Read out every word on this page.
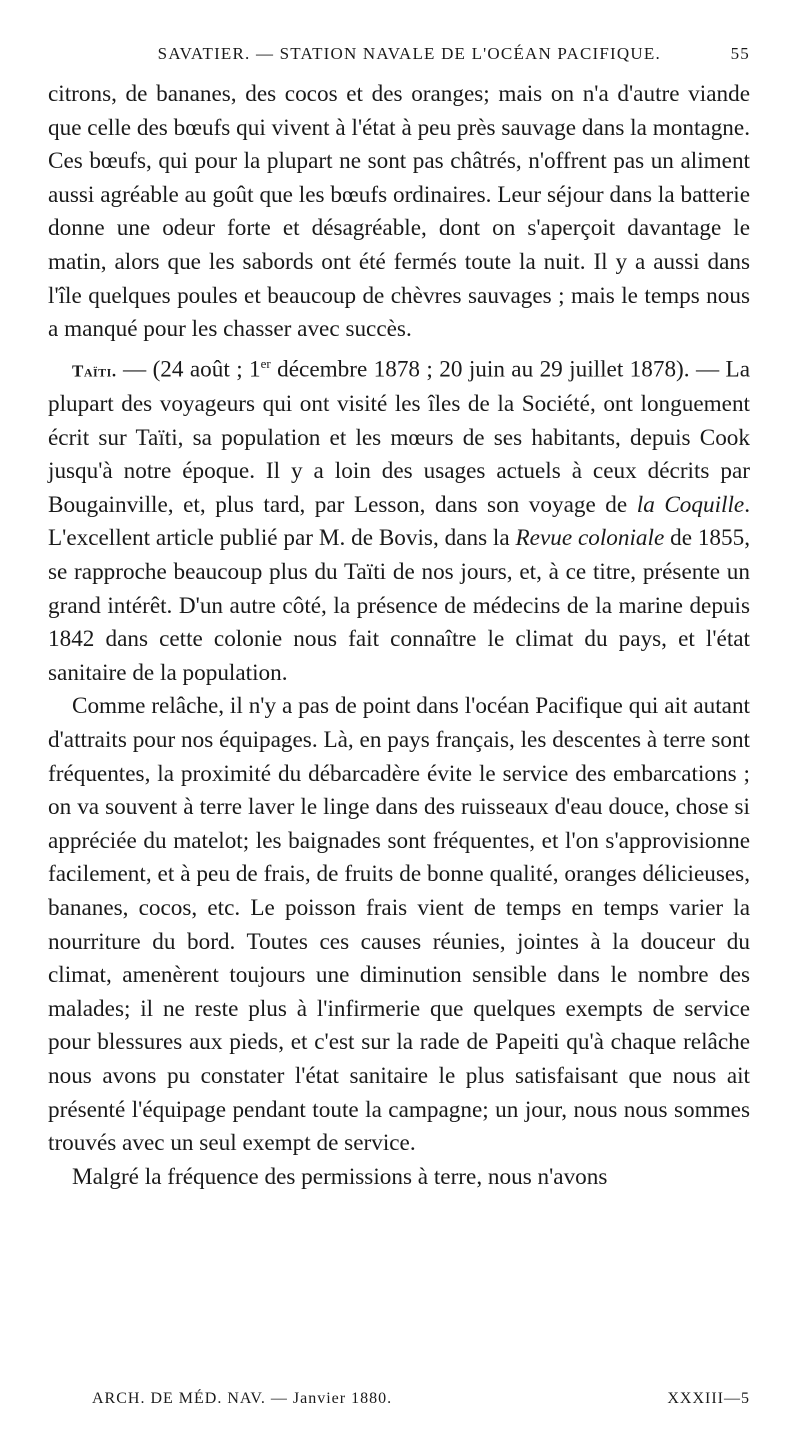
SAVATIER. — STATION NAVALE DE L'OCÉAN PACIFIQUE.	55

citrons, de bananes, des cocos et des oranges; mais on n'a d'autre viande que celle des bœufs qui vivent à l'état à peu près sauvage dans la montagne. Ces bœufs, qui pour la plupart ne sont pas châtrés, n'offrent pas un aliment aussi agréable au goût que les bœufs ordinaires. Leur séjour dans la batterie donne une odeur forte et désagréable, dont on s'aperçoit davantage le matin, alors que les sabords ont été fermés toute la nuit. Il y a aussi dans l'île quelques poules et beaucoup de chèvres sauvages ; mais le temps nous a manqué pour les chasser avec succès.

Taïti. — (24 août ; 1er décembre 1878 ; 20 juin au 29 juillet 1878). — La plupart des voyageurs qui ont visité les îles de la Société, ont longuement écrit sur Taïti, sa population et les mœurs de ses habitants, depuis Cook jusqu'à notre époque. Il y a loin des usages actuels à ceux décrits par Bougainville, et, plus tard, par Lesson, dans son voyage de la Coquille. L'excellent article publié par M. de Bovis, dans la Revue coloniale de 1855, se rapproche beaucoup plus du Taïti de nos jours, et, à ce titre, présente un grand intérêt. D'un autre côté, la présence de médecins de la marine depuis 1842 dans cette colonie nous fait connaître le climat du pays, et l'état sanitaire de la population.

Comme relâche, il n'y a pas de point dans l'océan Pacifique qui ait autant d'attraits pour nos équipages. Là, en pays français, les descentes à terre sont fréquentes, la proximité du débarcadère évite le service des embarcations ; on va souvent à terre laver le linge dans des ruisseaux d'eau douce, chose si appréciée du matelot; les baignades sont fréquentes, et l'on s'approvisionne facilement, et à peu de frais, de fruits de bonne qualité, oranges délicieuses, bananes, cocos, etc. Le poisson frais vient de temps en temps varier la nourriture du bord. Toutes ces causes réunies, jointes à la douceur du climat, amenèrent toujours une diminution sensible dans le nombre des malades; il ne reste plus à l'infirmerie que quelques exempts de service pour blessures aux pieds, et c'est sur la rade de Papeiti qu'à chaque relâche nous avons pu constater l'état sanitaire le plus satisfaisant que nous ait présenté l'équipage pendant toute la campagne; un jour, nous nous sommes trouvés avec un seul exempt de service.

Malgré la fréquence des permissions à terre, nous n'avons

ARCH. DE MÉD. NAV. — Janvier 1880.	XXXIII—5
